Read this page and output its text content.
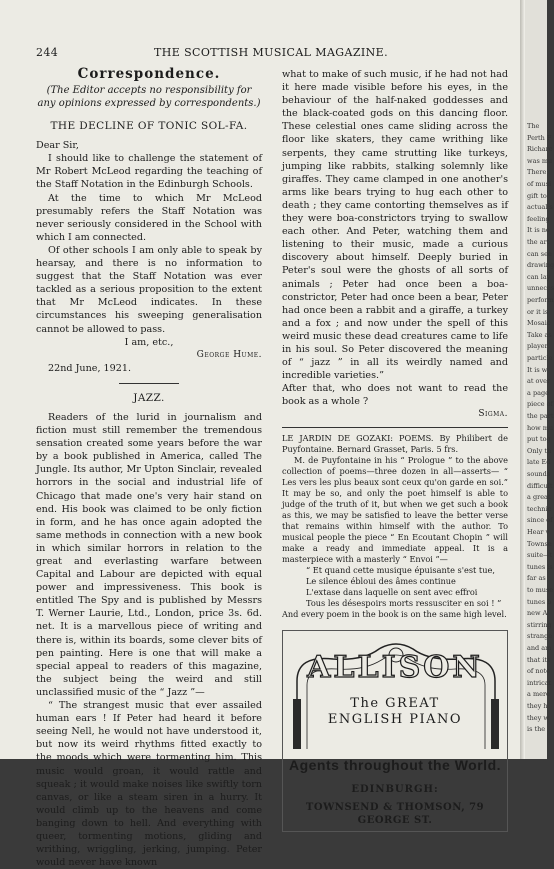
244	THE SCOTTISH MUSICAL MAGAZINE.
Correspondence.
(The Editor accepts no responsibility for any opinions expressed by correspondents.)
THE DECLINE OF TONIC SOL-FA.

Dear Sir,

I should like to challenge the statement of Mr Robert McLeod regarding the teaching of the Staff Notation in the Edinburgh Schools.

At the time to which Mr McLeod presumably refers the Staff Notation was never seriously considered in the School with which I am connected.

Of other schools I am only able to speak by hearsay, and there is no information to suggest that the Staff Notation was ever tackled as a serious proposition to the extent that Mr McLeod indicates. In these circumstances his sweeping generalisation cannot be allowed to pass.

I am, etc.,

George Hume.

22nd June, 1921.

JAZZ.

Readers of the lurid in journalism and fiction must still remember the tremendous sensation created some years before the war by a book published in America, called The Jungle. Its author, Mr Upton Sinclair, revealed horrors in the social and industrial life of Chicago that made one's very hair stand on end. His book was claimed to be only fiction in form, and he has once again adopted the same methods in connection with a new book in which similar horrors in relation to the great and everlasting warfare between Capital and Labour are depicted with equal power and impressiveness. This book is entitled The Spy and is published by Messrs T. Werner Laurie, Ltd., London, price 3s. 6d. net. It is a marvellous piece of writing and there is, within its boards, some clever bits of pen painting. Here is one that will make a special appeal to readers of this magazine, the subject being the weird and still unclassified music of the “ Jazz ”—

“ The strangest music that ever assailed human ears ! If Peter had heard it before seeing Nell, he would not have understood it, but now its weird rhythms fitted exactly to the moods which were tormenting him. This music would groan, it would rattle and squeak ; it would make noises like swiftly torn canvas, or like a steam siren in a hurry. It would climb up to the heavens and come banging down to hell. And everything with queer, tormenting motions, gliding and writhing, wriggling, jerking, jumping. Peter would never have known

what to make of such music, if he had not had it here made visible before his eyes, in the behaviour of the half-naked goddesses and the black-coated gods on this dancing floor. These celestial ones came sliding across the floor like skaters, they came writhing like serpents, they came strutting like turkeys, jumping like rabbits, stalking solemnly like giraffes. They came clamped in one another's arms like bears trying to hug each other to death ; they came contorting themselves as if they were boa-constrictors trying to swallow each other. And Peter, watching them and listening to their music, made a curious discovery about himself. Deeply buried in Peter's soul were the ghosts of all sorts of animals ; Peter had once been a boa-constrictor, Peter had once been a bear, Peter had once been a rabbit and a giraffe, a turkey and a fox ; and now under the spell of this weird music these dead creatures came to life in his soul. So Peter discovered the meaning of “ jazz ” in all its weirdly named and incredible varieties.”

After that, who does not want to read the book as a whole ?

Sigma.

LE JARDIN DE GOZAKI: POEMS. By Philibert de Puyfontaine. Bernard Grasset, Paris. 5 frs.

M. de Puyfontaine in his “ Prologue ” to the above collection of poems—three dozen in all—asserts— “ Les vers les plus beaux sont ceux qu'on garde en soi.” It may be so, and only the poet himself is able to judge of the truth of it, but when we get such a book as this, we may be satisfied to leave the better verse that remains within himself with the author. To musical people the piece “ En Ecoutant Chopin ” will make a ready and immediate appeal. It is a masterpiece with a masterly “ Envoi ”—

“ Et quand cette musique épuisante s'est tue,

Le silence ébloui des âmes continue

L'extase dans laquelle on sent avec effroi

Tous les désespoirs morts ressusciter en soi ! ”

And every poem in the book is on the same high level.

ALLISON
The GREAT
ENGLISH PIANO
Agents throughout the World.
EDINBURGH:
TOWNSEND & THOMSON, 79 GEORGE ST.
The
Perth F
Richarc
was mu
There
of musi
gift to
actual s
feeling
It is no
the art
can see
drawing
can lay
unneces
perform
or it is
Mosaic
Take as
player
particle
It is w
at over
a page
piece of
the part
how mu
put tog
Only th
late Ed
sounds
difficult
a great
technic
since of
Hear v
Townse
suite—t
tunes is
far as
to muse
tunes b
new A
stirring
strange
and am
that its
of note
intricat
a mere
they h
they w
is the
